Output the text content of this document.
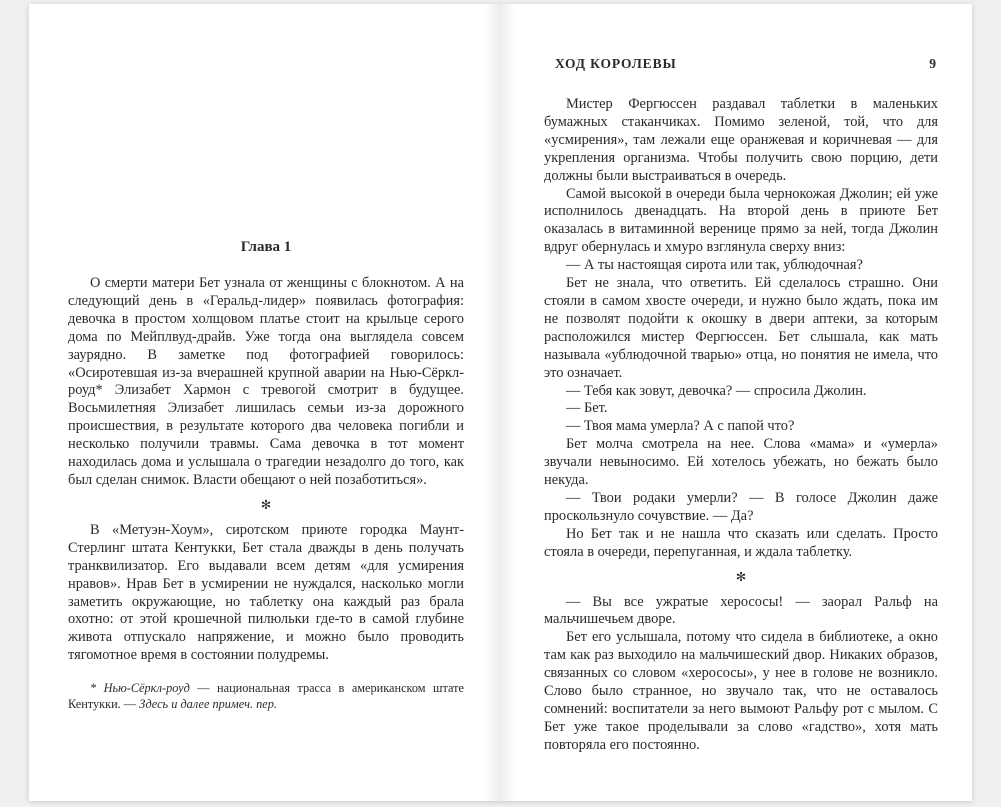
Глава 1

О смерти матери Бет узнала от женщины с блокнотом. А на следующий день в «Геральд-лидер» появилась фотография: девочка в простом холщовом платье стоит на крыльце серого дома по Мейплвуд-драйв. Уже тогда она выглядела совсем заурядно. В заметке под фотографией говорилось: «Осиротевшая из-за вчерашней крупной аварии на Нью-Сёркл-роуд* Элизабет Хармон с тревогой смотрит в будущее. Восьмилетняя Элизабет лишилась семьи из-за дорожного происшествия, в результате которого два человека погибли и несколько получили травмы. Сама девочка в тот момент находилась дома и услышала о трагедии незадолго до того, как был сделан снимок. Власти обещают о ней позаботиться».

✻

В «Метуэн-Хоум», сиротском приюте городка Маунт-Стерлинг штата Кентукки, Бет стала дважды в день получать транквилизатор. Его выдавали всем детям «для усмирения нравов». Нрав Бет в усмирении не нуждался, насколько могли заметить окружающие, но таблетку она каждый раз брала охотно: от этой крошечной пилюльки где-то в самой глубине живота отпускало напряжение, и можно было проводить тягомотное время в состоянии полудремы.

* Нью-Сёркл-роуд — национальная трасса в американском штате Кентукки. — Здесь и далее примеч. пер.

ХОД КОРОЛЕВЫ	9

Мистер Фергюссен раздавал таблетки в маленьких бумажных стаканчиках. Помимо зеленой, той, что для «усмирения», там лежали еще оранжевая и коричневая — для укрепления организма. Чтобы получить свою порцию, дети должны были выстраиваться в очередь.

Самой высокой в очереди была чернокожая Джолин; ей уже исполнилось двенадцать. На второй день в приюте Бет оказалась в витаминной веренице прямо за ней, тогда Джолин вдруг обернулась и хмуро взглянула сверху вниз:

— А ты настоящая сирота или так, ублюдочная?

Бет не знала, что ответить. Ей сделалось страшно. Они стояли в самом хвосте очереди, и нужно было ждать, пока им не позволят подойти к окошку в двери аптеки, за которым расположился мистер Фергюссен. Бет слышала, как мать называла «ублюдочной тварью» отца, но понятия не имела, что это означает.

— Тебя как зовут, девочка? — спросила Джолин.

— Бет.

— Твоя мама умерла? А с папой что?

Бет молча смотрела на нее. Слова «мама» и «умерла» звучали невыносимо. Ей хотелось убежать, но бежать было некуда.

— Твои родаки умерли? — В голосе Джолин даже проскользнуло сочувствие. — Да?

Но Бет так и не нашла что сказать или сделать. Просто стояла в очереди, перепуганная, и ждала таблетку.

✻

— Вы все ужратые херососы! — заорал Ральф на мальчишечьем дворе.

Бет его услышала, потому что сидела в библиотеке, а окно там как раз выходило на мальчишеский двор. Никаких образов, связанных со словом «херососы», у нее в голове не возникло. Слово было странное, но звучало так, что не оставалось сомнений: воспитатели за него вымоют Ральфу рот с мылом. С Бет уже такое проделывали за слово «гадство», хотя мать повторяла его постоянно.
